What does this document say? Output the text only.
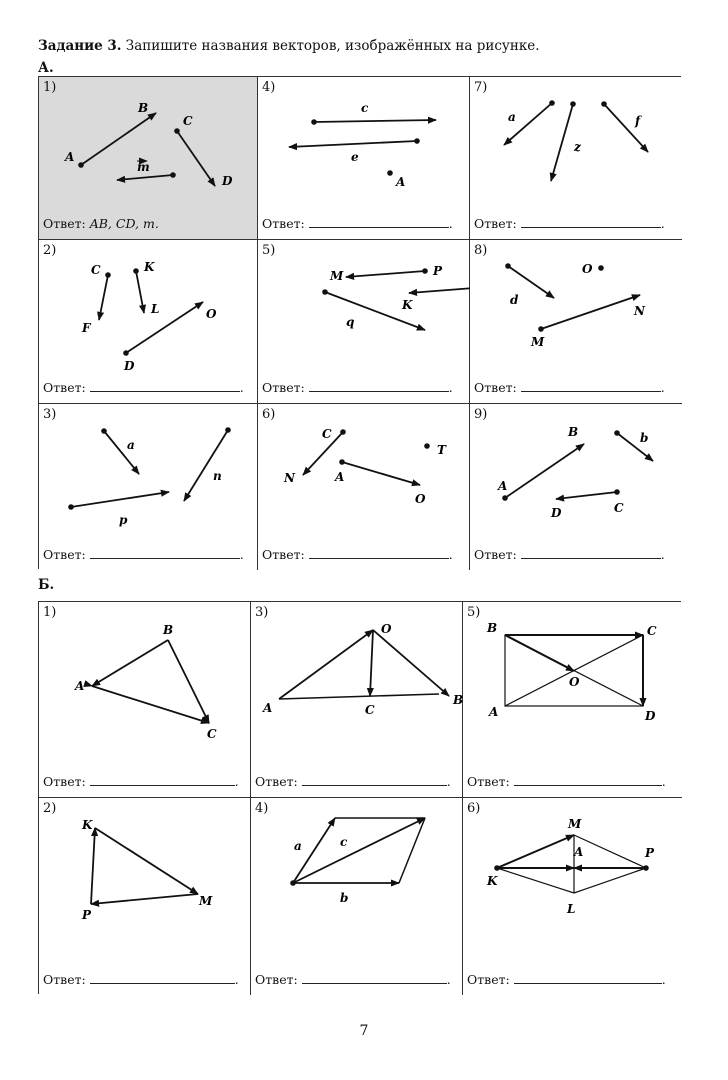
Задание 3. Запишите названия векторов, изображённых на рисунке.
А.
1)
A
B
C
D
m
Ответ: AB, CD, m.
4)
c
e
A
Ответ:	.
7)
a
z
f
Ответ:	.
2)
C	K
F
L	O
D
Ответ:	.
5)
M	P
K
q
Ответ:	.
8)
d
O
N
M
Ответ:	.
3)
a
n
p
Ответ:	.
6)
C
T
A
N
O
Ответ:	.
9)
B	b
A
D	C
Ответ:	.
Б.
1)
B
A
C
Ответ:	.
3)
O
A	C
B
Ответ:	.
5)
B	C
O
A	D
Ответ:	.
2)
K
P
M
Ответ:	.
4)
a	c
b
Ответ:	.
6)
M
A	P
K
L
Ответ:	.
7
